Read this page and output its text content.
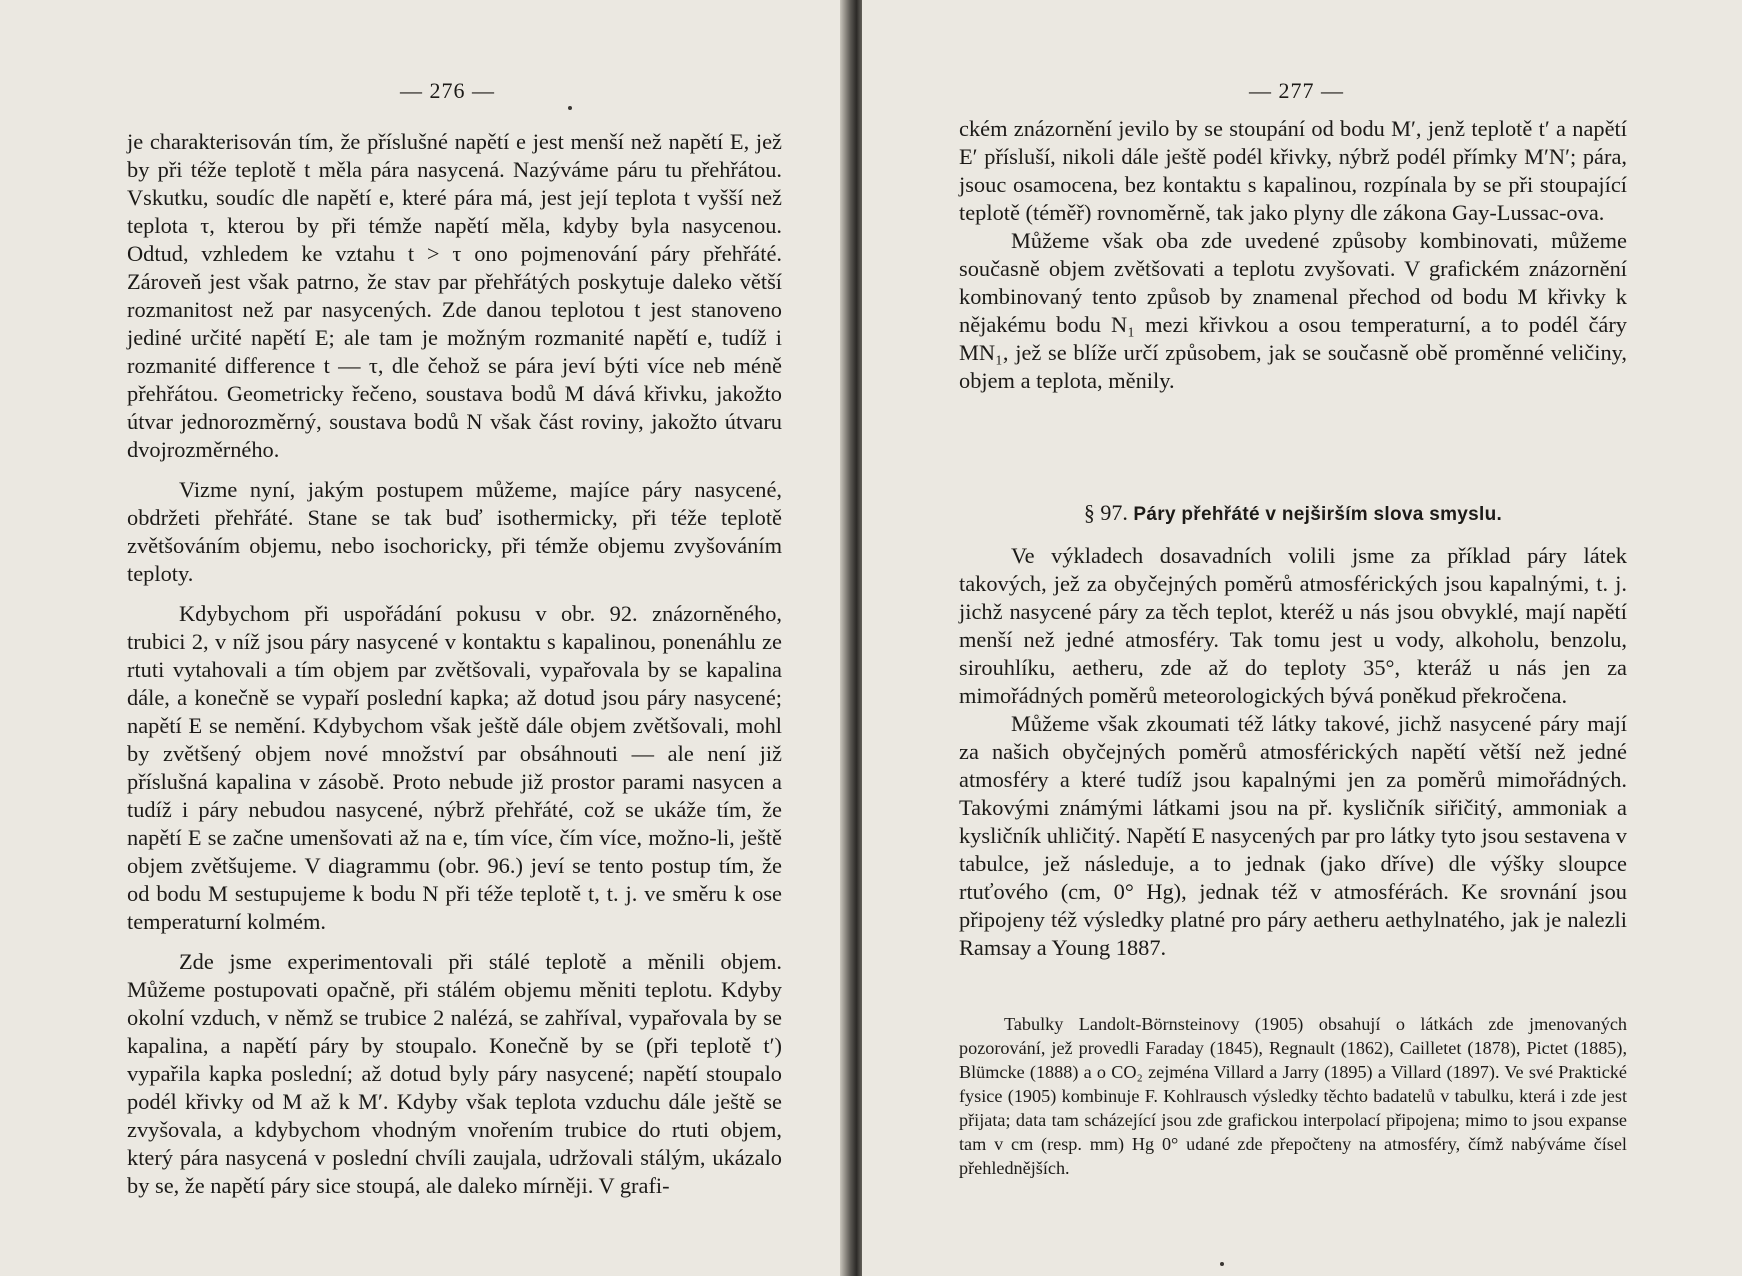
— 276 —

je charakterisován tím, že příslušné napětí e jest menší než napětí E, jež by při téže teplotě t měla pára nasycená. Nazýváme páru tu přehřátou. Vskutku, soudíc dle napětí e, které pára má, jest její teplota t vyšší než teplota τ, kterou by při témže napětí měla, kdyby byla nasycenou. Odtud, vzhledem ke vztahu t > τ ono pojmenování páry přehřáté. Zároveň jest však patrno, že stav par přehřátých poskytuje daleko větší rozmanitost než par nasycených. Zde danou teplotou t jest stanoveno jediné určité napětí E; ale tam je možným rozmanité napětí e, tudíž i rozmanité difference t — τ, dle čehož se pára jeví býti více neb méně přehřátou. Geometricky řečeno, soustava bodů M dává křivku, jakožto útvar jednorozměrný, soustava bodů N však část roviny, jakožto útvaru dvojrozměrného.

Vizme nyní, jakým postupem můžeme, majíce páry nasycené, obdržeti přehřáté. Stane se tak buď isothermicky, při téže teplotě zvětšováním objemu, nebo isochoricky, při témže objemu zvyšováním teploty.

Kdybychom při uspořádání pokusu v obr. 92. znázorněného, trubici 2, v níž jsou páry nasycené v kontaktu s kapalinou, ponenáhlu ze rtuti vytahovali a tím objem par zvětšovali, vypařovala by se kapalina dále, a konečně se vypaří poslední kapka; až dotud jsou páry nasycené; napětí E se nemění. Kdybychom však ještě dále objem zvětšovali, mohl by zvětšený objem nové množství par obsáhnouti — ale není již příslušná kapalina v zásobě. Proto nebude již prostor parami nasycen a tudíž i páry nebudou nasycené, nýbrž přehřáté, což se ukáže tím, že napětí E se začne umenšovati až na e, tím více, čím více, možno-li, ještě objem zvětšujeme. V diagrammu (obr. 96.) jeví se tento postup tím, že od bodu M sestupujeme k bodu N při téže teplotě t, t. j. ve směru k ose temperaturní kolmém.

Zde jsme experimentovali při stálé teplotě a měnili objem. Můžeme postupovati opačně, při stálém objemu měniti teplotu. Kdyby okolní vzduch, v němž se trubice 2 nalézá, se zahříval, vypařovala by se kapalina, a napětí páry by stoupalo. Konečně by se (při teplotě t′) vypařila kapka poslední; až dotud byly páry nasycené; napětí stoupalo podél křivky od M až k M′. Kdyby však teplota vzduchu dále ještě se zvyšovala, a kdybychom vhodným vnořením trubice do rtuti objem, který pára nasycená v poslední chvíli zaujala, udržovali stálým, ukázalo by se, že napětí páry sice stoupá, ale daleko mírněji. V grafi-

— 277 —

ckém znázornění jevilo by se stoupání od bodu M′, jenž teplotě t′ a napětí E′ přísluší, nikoli dále ještě podél křivky, nýbrž podél přímky M′N′; pára, jsouc osamocena, bez kontaktu s kapalinou, rozpínala by se při stoupající teplotě (téměř) rovnoměrně, tak jako plyny dle zákona Gay-Lussac-ova.

Můžeme však oba zde uvedené způsoby kombinovati, můžeme současně objem zvětšovati a teplotu zvyšovati. V grafickém znázornění kombinovaný tento způsob by znamenal přechod od bodu M křivky k nějakému bodu N₁ mezi křivkou a osou temperaturní, a to podél čáry MN₁, jež se blíže určí způsobem, jak se současně obě proměnné veličiny, objem a teplota, měnily.

§ 97. Páry přehřáté v nejširším slova smyslu.

Ve výkladech dosavadních volili jsme za příklad páry látek takových, jež za obyčejných poměrů atmosférických jsou kapalnými, t. j. jichž nasycené páry za těch teplot, kteréž u nás jsou obvyklé, mají napětí menší než jedné atmosféry. Tak tomu jest u vody, alkoholu, benzolu, sirouhlíku, aetheru, zde až do teploty 35°, kteráž u nás jen za mimořádných poměrů meteorologických bývá poněkud překročena.

Můžeme však zkoumati též látky takové, jichž nasycené páry mají za našich obyčejných poměrů atmosférických napětí větší než jedné atmosféry a které tudíž jsou kapalnými jen za poměrů mimořádných. Takovými známými látkami jsou na př. kysličník siřičitý, ammoniak a kysličník uhličitý. Napětí E nasycených par pro látky tyto jsou sestavena v tabulce, jež následuje, a to jednak (jako dříve) dle výšky sloupce rtuťového (cm, 0° Hg), jednak též v atmosférách. Ke srovnání jsou připojeny též výsledky platné pro páry aetheru aethylnatého, jak je nalezli Ramsay a Young 1887.

Tabulky Landolt-Börnsteinovy (1905) obsahují o látkách zde jmenovaných pozorování, jež provedli Faraday (1845), Regnault (1862), Cailletet (1878), Pictet (1885), Blümcke (1888) a o CO₂ zejména Villard a Jarry (1895) a Villard (1897). Ve své Praktické fysice (1905) kombinuje F. Kohlrausch výsledky těchto badatelů v tabulku, která i zde jest přijata; data tam scházející jsou zde grafickou interpolací připojena; mimo to jsou expanse tam v cm (resp. mm) Hg 0° udané zde přepočteny na atmosféry, čímž nabýváme čísel přehlednějších.
